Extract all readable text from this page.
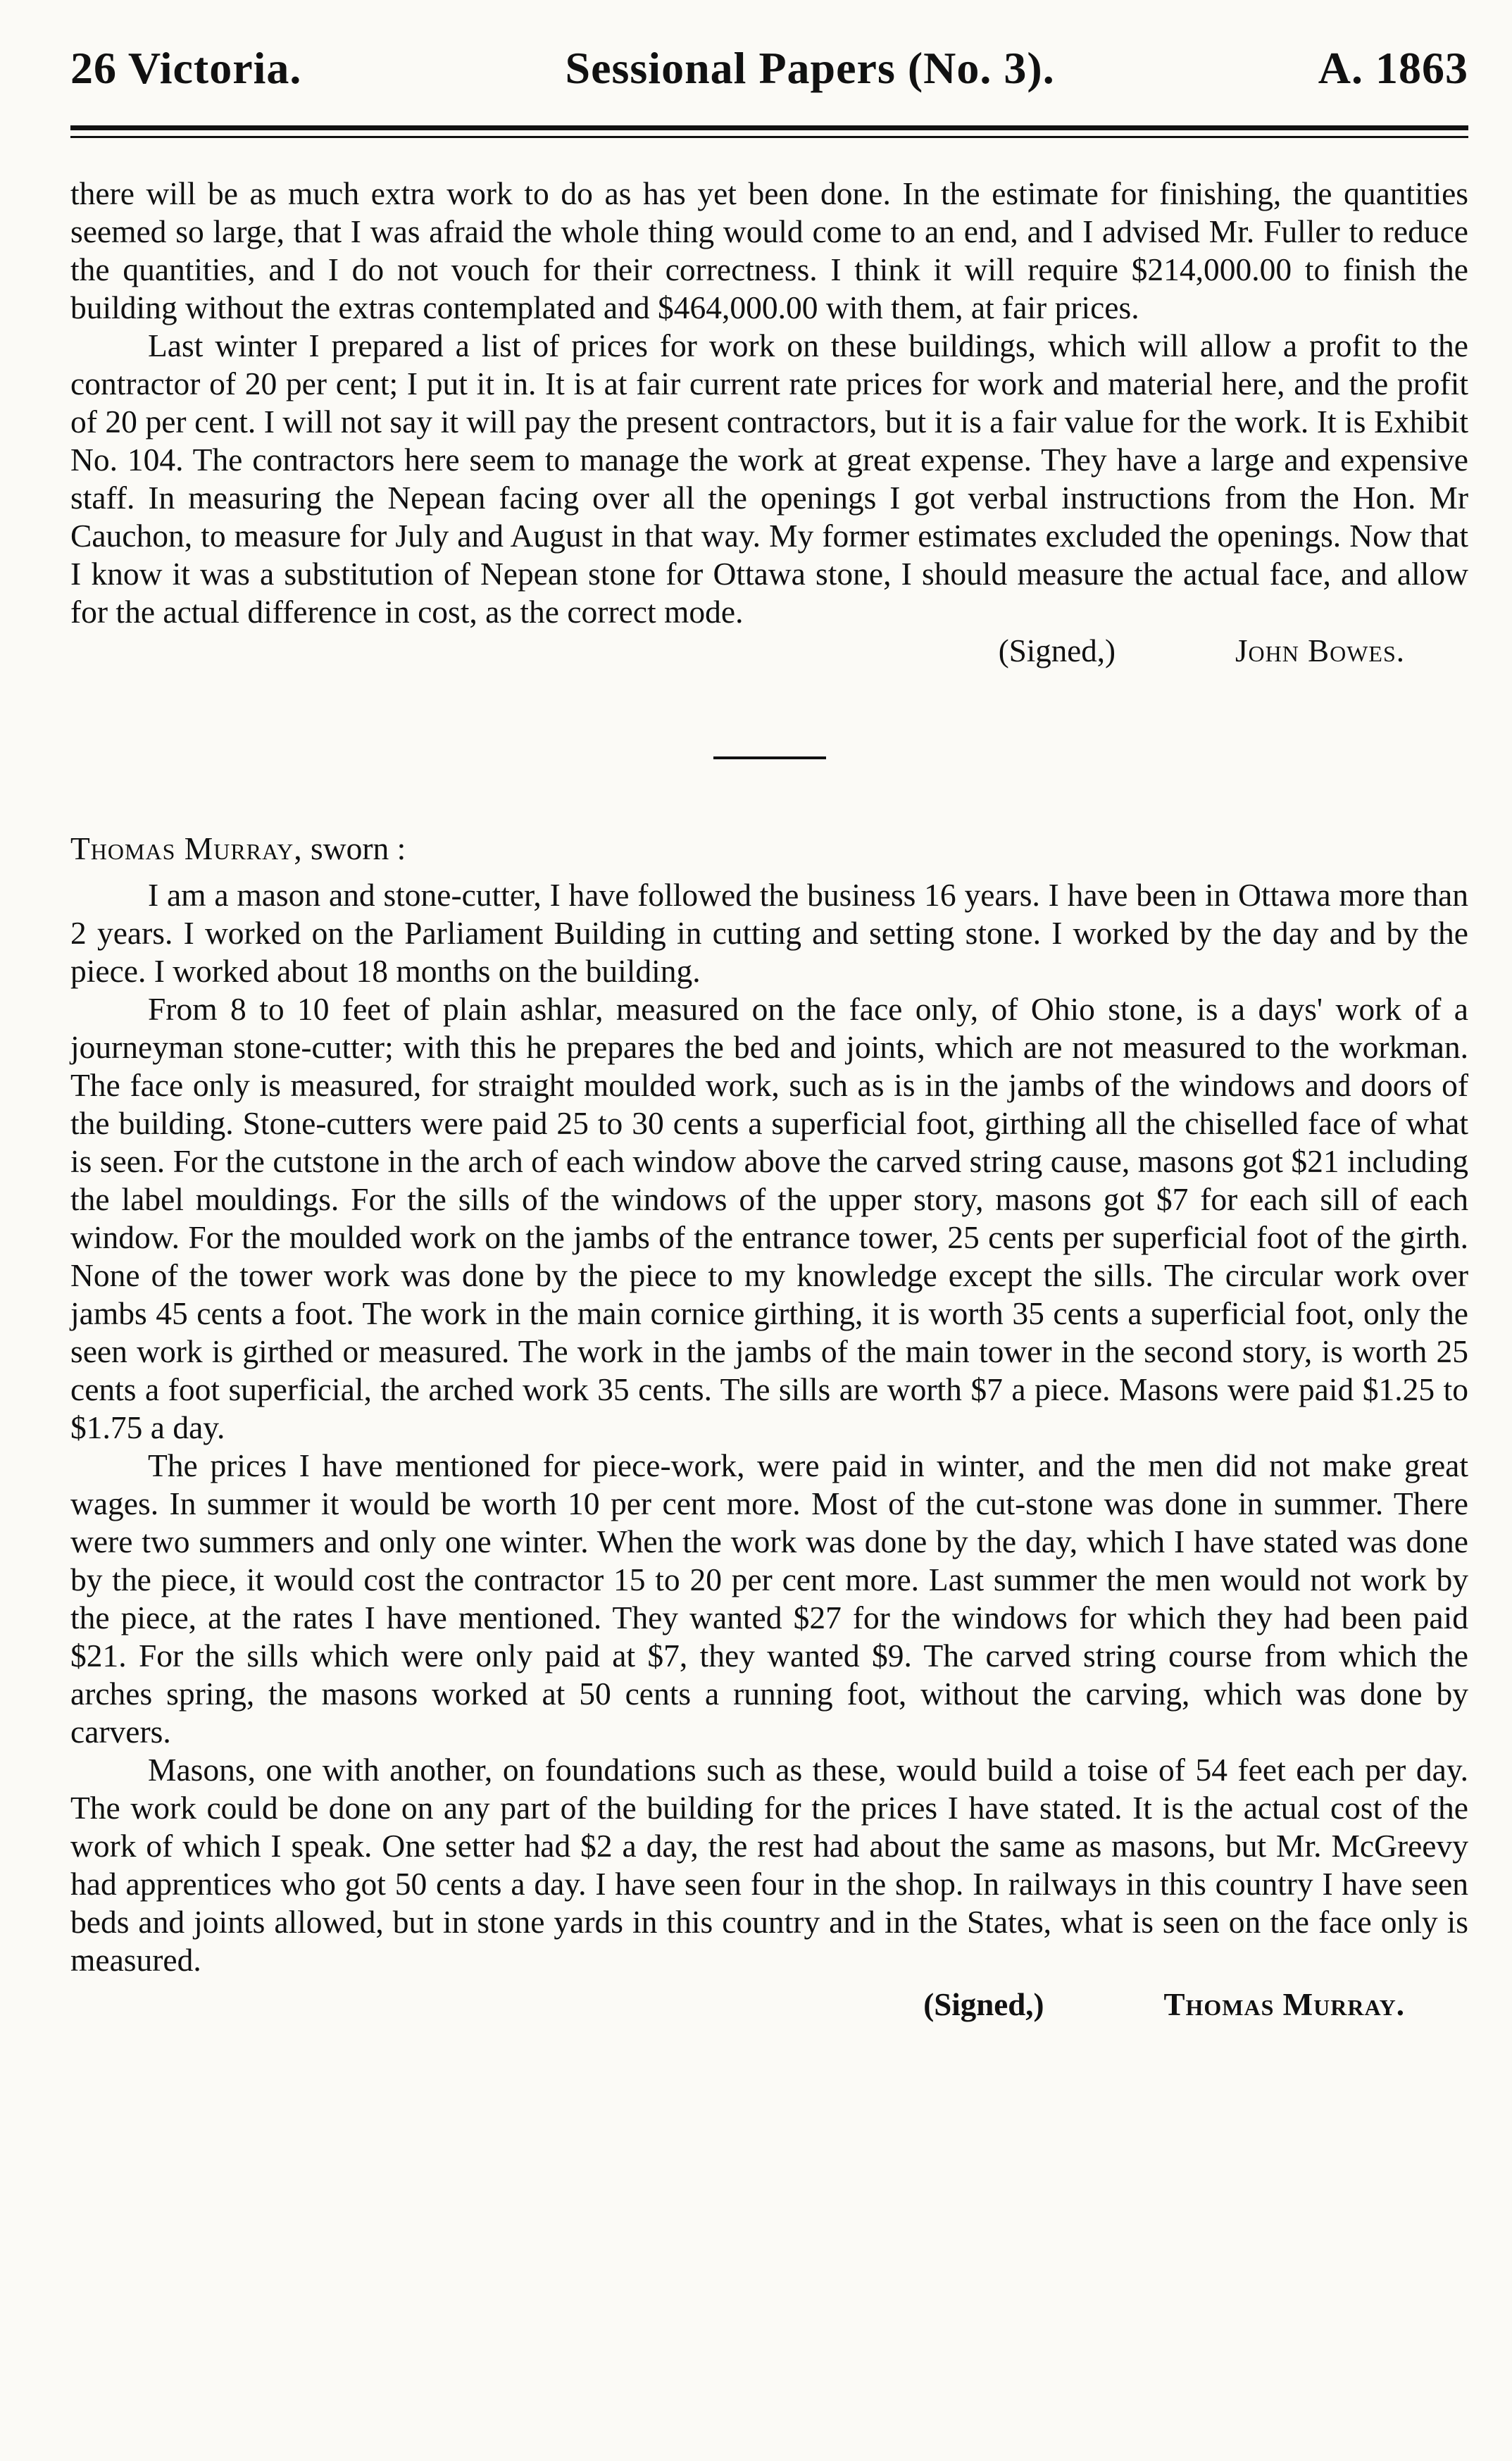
26 Victoria.	Sessional Papers (No. 3).	A. 1863

there will be as much extra work to do as has yet been done. In the estimate for finishing, the quantities seemed so large, that I was afraid the whole thing would come to an end, and I advised Mr. Fuller to reduce the quantities, and I do not vouch for their correctness. I think it will require $214,000.00 to finish the building without the extras contemplated and $464,000.00 with them, at fair prices.

Last winter I prepared a list of prices for work on these buildings, which will allow a profit to the contractor of 20 per cent; I put it in. It is at fair current rate prices for work and material here, and the profit of 20 per cent. I will not say it will pay the present contractors, but it is a fair value for the work. It is Exhibit No. 104. The contractors here seem to manage the work at great expense. They have a large and expensive staff. In measuring the Nepean facing over all the openings I got verbal instructions from the Hon. Mr Cauchon, to measure for July and August in that way. My former estimates excluded the openings. Now that I know it was a substitution of Nepean stone for Ottawa stone, I should measure the actual face, and allow for the actual difference in cost, as the correct mode.

(Signed,)	John Bowes.
Thomas Murray, sworn :

I am a mason and stone-cutter, I have followed the business 16 years. I have been in Ottawa more than 2 years. I worked on the Parliament Building in cutting and setting stone. I worked by the day and by the piece. I worked about 18 months on the building.

From 8 to 10 feet of plain ashlar, measured on the face only, of Ohio stone, is a days' work of a journeyman stone-cutter; with this he prepares the bed and joints, which are not measured to the workman. The face only is measured, for straight moulded work, such as is in the jambs of the windows and doors of the building. Stone-cutters were paid 25 to 30 cents a superficial foot, girthing all the chiselled face of what is seen. For the cutstone in the arch of each window above the carved string cause, masons got $21 including the label mouldings. For the sills of the windows of the upper story, masons got $7 for each sill of each window. For the moulded work on the jambs of the entrance tower, 25 cents per superficial foot of the girth. None of the tower work was done by the piece to my knowledge except the sills. The circular work over jambs 45 cents a foot. The work in the main cornice girthing, it is worth 35 cents a superficial foot, only the seen work is girthed or measured. The work in the jambs of the main tower in the second story, is worth 25 cents a foot superficial, the arched work 35 cents. The sills are worth $7 a piece. Masons were paid $1.25 to $1.75 a day.

The prices I have mentioned for piece-work, were paid in winter, and the men did not make great wages. In summer it would be worth 10 per cent more. Most of the cut-stone was done in summer. There were two summers and only one winter. When the work was done by the day, which I have stated was done by the piece, it would cost the contractor 15 to 20 per cent more. Last summer the men would not work by the piece, at the rates I have mentioned. They wanted $27 for the windows for which they had been paid $21. For the sills which were only paid at $7, they wanted $9. The carved string course from which the arches spring, the masons worked at 50 cents a running foot, without the carving, which was done by carvers.

Masons, one with another, on foundations such as these, would build a toise of 54 feet each per day. The work could be done on any part of the building for the prices I have stated. It is the actual cost of the work of which I speak. One setter had $2 a day, the rest had about the same as masons, but Mr. McGreevy had apprentices who got 50 cents a day. I have seen four in the shop. In railways in this country I have seen beds and joints allowed, but in stone yards in this country and in the States, what is seen on the face only is measured.

(Signed,)	Thomas Murray.
